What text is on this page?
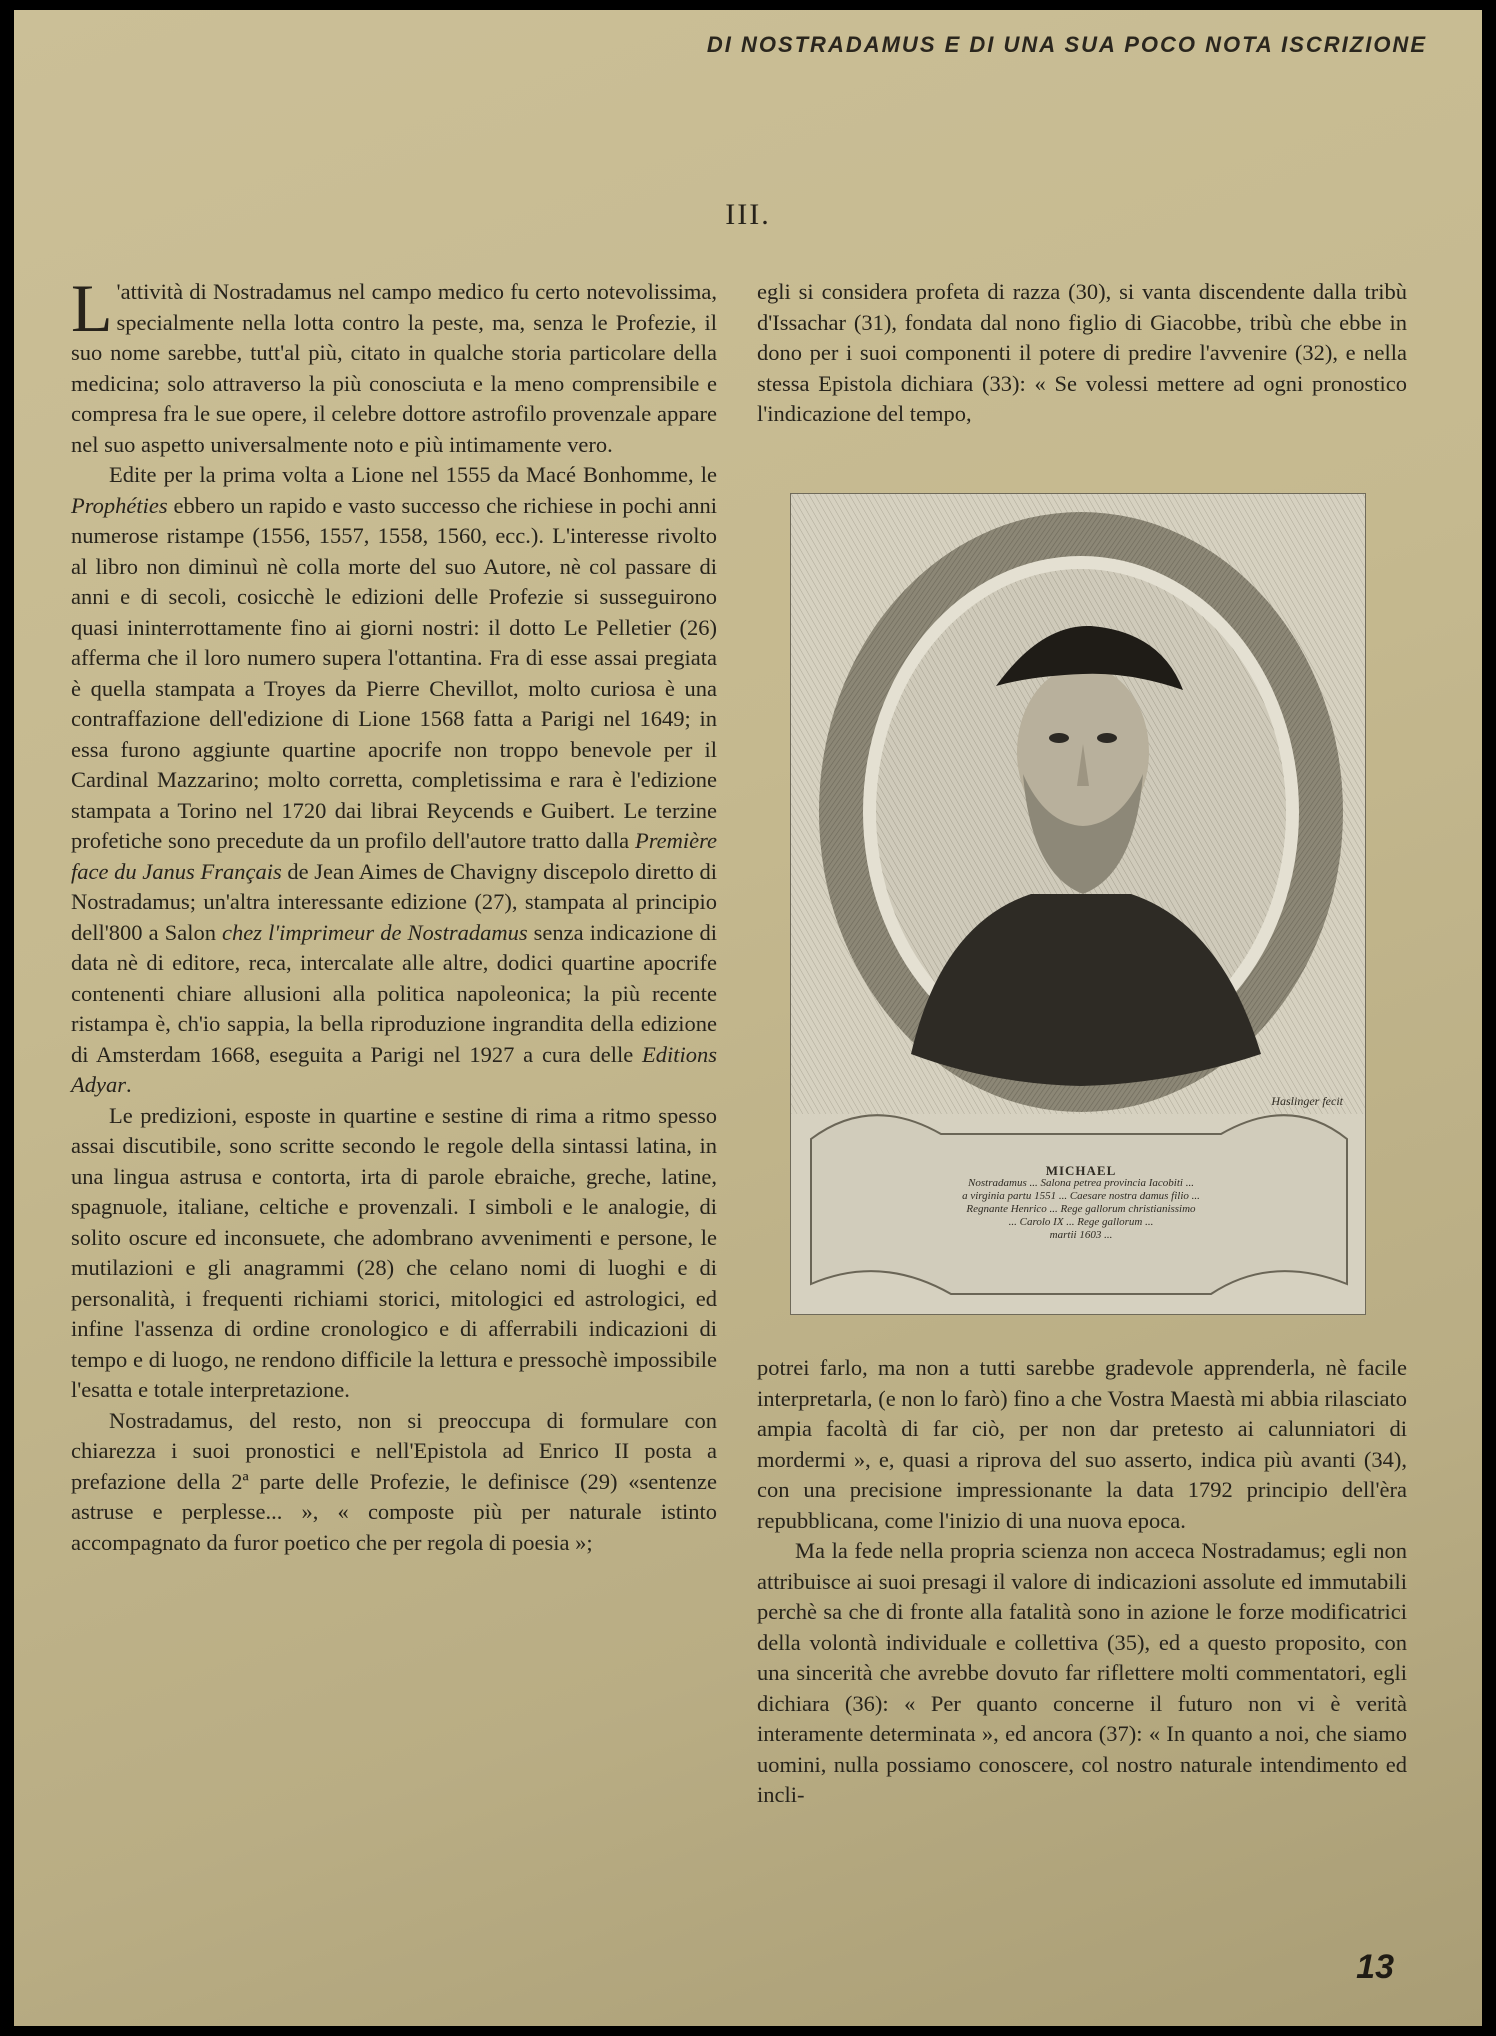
DI NOSTRADAMUS E DI UNA SUA POCO NOTA ISCRIZIONE
III.

L 'attività di Nostradamus nel campo medico fu certo notevolissima, specialmente nella lotta contro la peste, ma, senza le Profezie, il suo nome sarebbe, tutt'al più, citato in qualche storia particolare della medicina; solo attraverso la più conosciuta e la meno comprensibile e compresa fra le sue opere, il celebre dottore astrofilo provenzale appare nel suo aspetto universalmente noto e più intimamente vero.

Edite per la prima volta a Lione nel 1555 da Macé Bonhomme, le Prophéties ebbero un rapido e vasto successo che richiese in pochi anni numerose ristampe (1556, 1557, 1558, 1560, ecc.). L'interesse rivolto al libro non diminuì nè colla morte del suo Autore, nè col passare di anni e di secoli, cosicchè le edizioni delle Profezie si susseguirono quasi ininterrottamente fino ai giorni nostri: il dotto Le Pelletier (26) afferma che il loro numero supera l'ottantina. Fra di esse assai pregiata è quella stampata a Troyes da Pierre Chevillot, molto curiosa è una contraffazione dell'edizione di Lione 1568 fatta a Parigi nel 1649; in essa furono aggiunte quartine apocrife non troppo benevole per il Cardinal Mazzarino; molto corretta, completissima e rara è l'edizione stampata a Torino nel 1720 dai librai Reycends e Guibert. Le terzine profetiche sono precedute da un profilo dell'autore tratto dalla Première face du Janus Français de Jean Aimes de Chavigny discepolo diretto di Nostradamus; un'altra interessante edizione (27), stampata al principio dell'800 a Salon chez l'imprimeur de Nostradamus senza indicazione di data nè di editore, reca, intercalate alle altre, dodici quartine apocrife contenenti chiare allusioni alla politica napoleonica; la più recente ristampa è, ch'io sappia, la bella riproduzione ingrandita della edizione di Amsterdam 1668, eseguita a Parigi nel 1927 a cura delle Editions Adyar.

Le predizioni, esposte in quartine e sestine di rima a ritmo spesso assai discutibile, sono scritte secondo le regole della sintassi latina, in una lingua astrusa e contorta, irta di parole ebraiche, greche, latine, spagnuole, italiane, celtiche e provenzali. I simboli e le analogie, di solito oscure ed inconsuete, che adombrano avvenimenti e persone, le mutilazioni e gli anagrammi (28) che celano nomi di luoghi e di personalità, i frequenti richiami storici, mitologici ed astrologici, ed infine l'assenza di ordine cronologico e di afferrabili indicazioni di tempo e di luogo, ne rendono difficile la lettura e pressochè impossibile l'esatta e totale interpretazione.

Nostradamus, del resto, non si preoccupa di formulare con chiarezza i suoi pronostici e nell'Epistola ad Enrico II posta a prefazione della 2ª parte delle Profezie, le definisce (29) «sentenze astruse e perplesse... », « composte più per naturale istinto accompagnato da furor poetico che per regola di poesia »;

egli si considera profeta di razza (30), si vanta discendente dalla tribù d'Issachar (31), fondata dal nono figlio di Giacobbe, tribù che ebbe in dono per i suoi componenti il potere di predire l'avvenire (32), e nella stessa Epistola dichiara (33): « Se volessi mettere ad ogni pronostico l'indicazione del tempo,

MICHAEL
Nostradamus ... Salona petrea provincia Iacobiti ...
a virginia partu 1551 ... Caesare nostra damus filio ...
Regnante Henrico ... Rege gallorum christianissimo
... Carolo IX ... Rege gallorum ...
martii 1603 ...
Haslinger fecit

potrei farlo, ma non a tutti sarebbe gradevole apprenderla, nè facile interpretarla, (e non lo farò) fino a che Vostra Maestà mi abbia rilasciato ampia facoltà di far ciò, per non dar pretesto ai calunniatori di mordermi », e, quasi a riprova del suo asserto, indica più avanti (34), con una precisione impressionante la data 1792 principio dell'èra repubblicana, come l'inizio di una nuova epoca.

Ma la fede nella propria scienza non acceca Nostradamus; egli non attribuisce ai suoi presagi il valore di indicazioni assolute ed immutabili perchè sa che di fronte alla fatalità sono in azione le forze modificatrici della volontà individuale e collettiva (35), ed a questo proposito, con una sincerità che avrebbe dovuto far riflettere molti commentatori, egli dichiara (36): « Per quanto concerne il futuro non vi è verità interamente determinata », ed ancora (37): « In quanto a noi, che siamo uomini, nulla possiamo conoscere, col nostro naturale intendimento ed incli-

13
